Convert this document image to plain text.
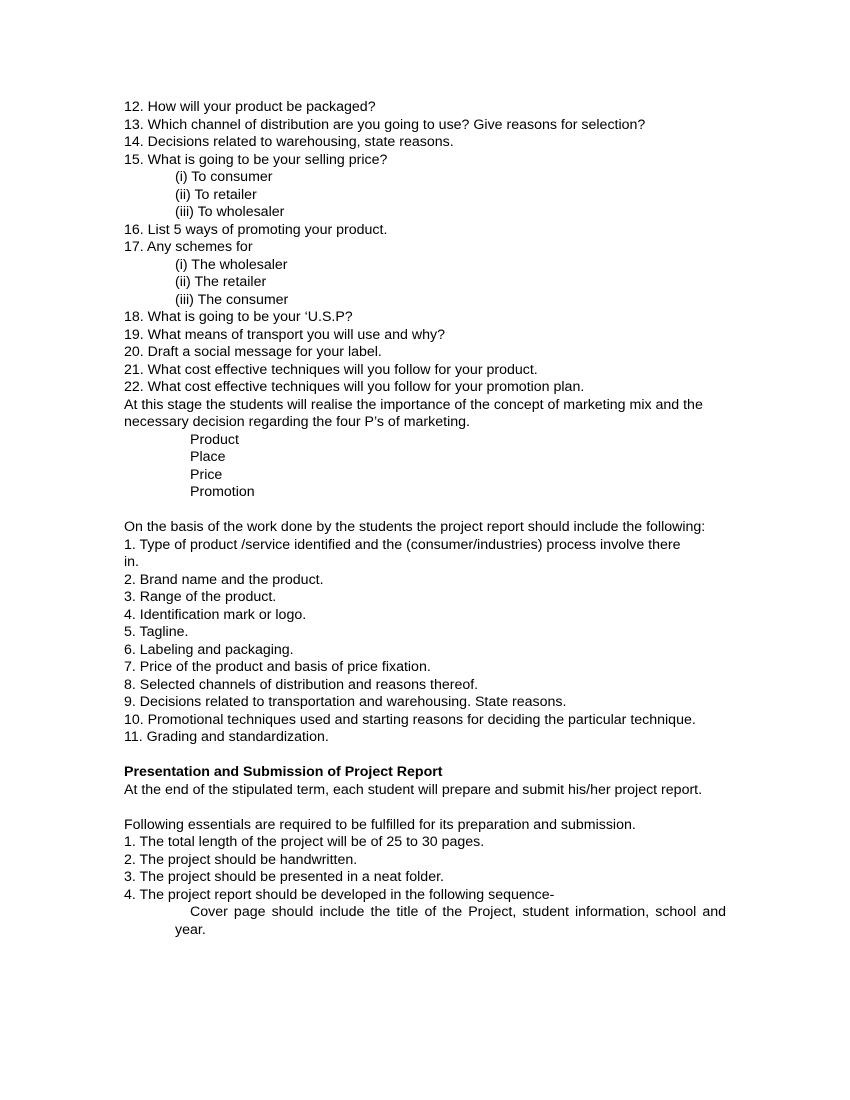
12. How will your product be packaged?
13. Which channel of distribution are you going to use? Give reasons for selection?
14. Decisions related to warehousing, state reasons.
15. What is going to be your selling price?
(i) To consumer
(ii) To retailer
(iii) To wholesaler
16. List 5 ways of promoting your product.
17. Any schemes for
(i) The wholesaler
(ii) The retailer
(iii) The consumer
18. What is going to be your ‘U.S.P?
19. What means of transport you will use and why?
20. Draft a social message for your label.
21. What cost effective techniques will you follow for your product.
22. What cost effective techniques will you follow for your promotion plan.
At this stage the students will realise the importance of the concept of marketing mix and the necessary decision regarding the four P’s of marketing.
Product
Place
Price
Promotion
On the basis of the work done by the students the project report should include the following:
1. Type of product /service identified and the (consumer/industries) process involve there in.
2. Brand name and the product.
3. Range of the product.
4. Identification mark or logo.
5. Tagline.
6. Labeling and packaging.
7. Price of the product and basis of price fixation.
8. Selected channels of distribution and reasons thereof.
9. Decisions related to transportation and warehousing. State reasons.
10. Promotional techniques used and starting reasons for deciding the particular technique.
11. Grading and standardization.
Presentation and Submission of Project Report
At the end of the stipulated term, each student will prepare and submit his/her project report.
Following essentials are required to be fulfilled for its preparation and submission.
1. The total length of the project will be of 25 to 30 pages.
2. The project should be handwritten.
3. The project should be presented in a neat folder.
4. The project report should be developed in the following sequence-
Cover page should include the title of the Project, student information, school and year.
